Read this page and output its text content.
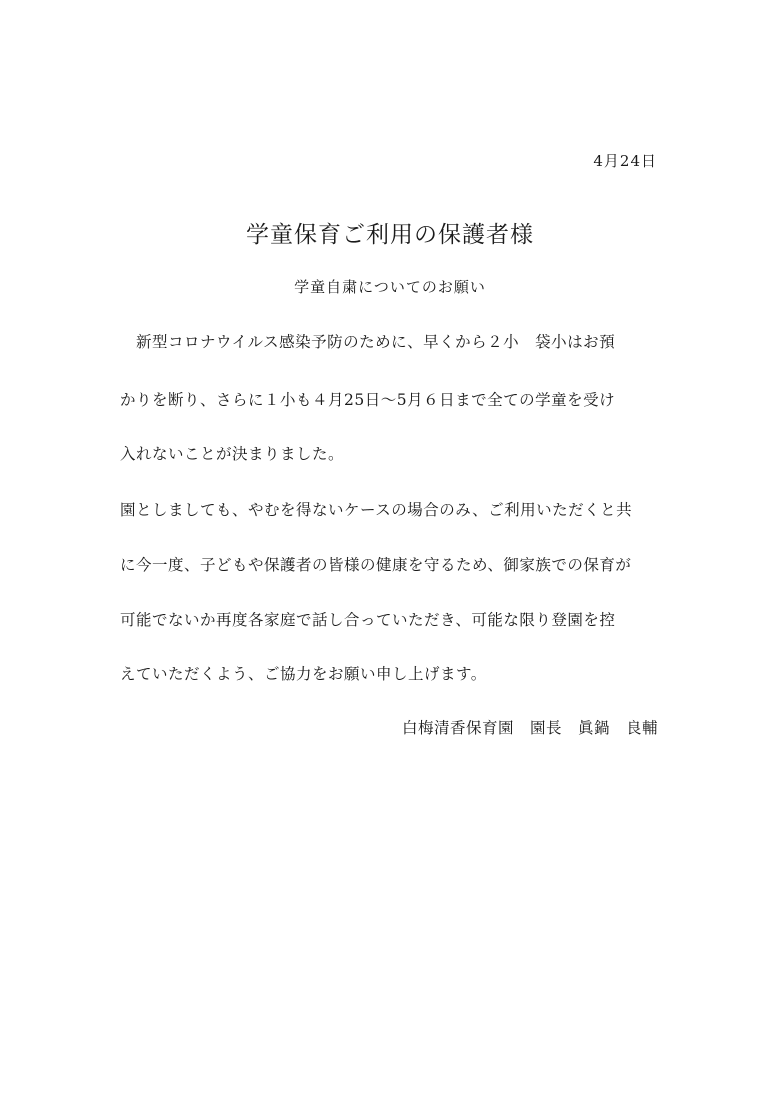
4月24日
学童保育ご利用の保護者様
学童自粛についてのお願い
　新型コロナウイルス感染予防のために、早くから２小　袋小はお預
かりを断り、さらに１小も４月25日〜5月６日まで全ての学童を受け
入れないことが決まりました。
園としましても、やむを得ないケースの場合のみ、ご利用いただくと共
に今一度、子どもや保護者の皆様の健康を守るため、御家族での保育が
可能でないか再度各家庭で話し合っていただき、可能な限り登園を控
えていただくよう、ご協力をお願い申し上げます。
白梅清香保育園　園長　眞鍋　良輔
